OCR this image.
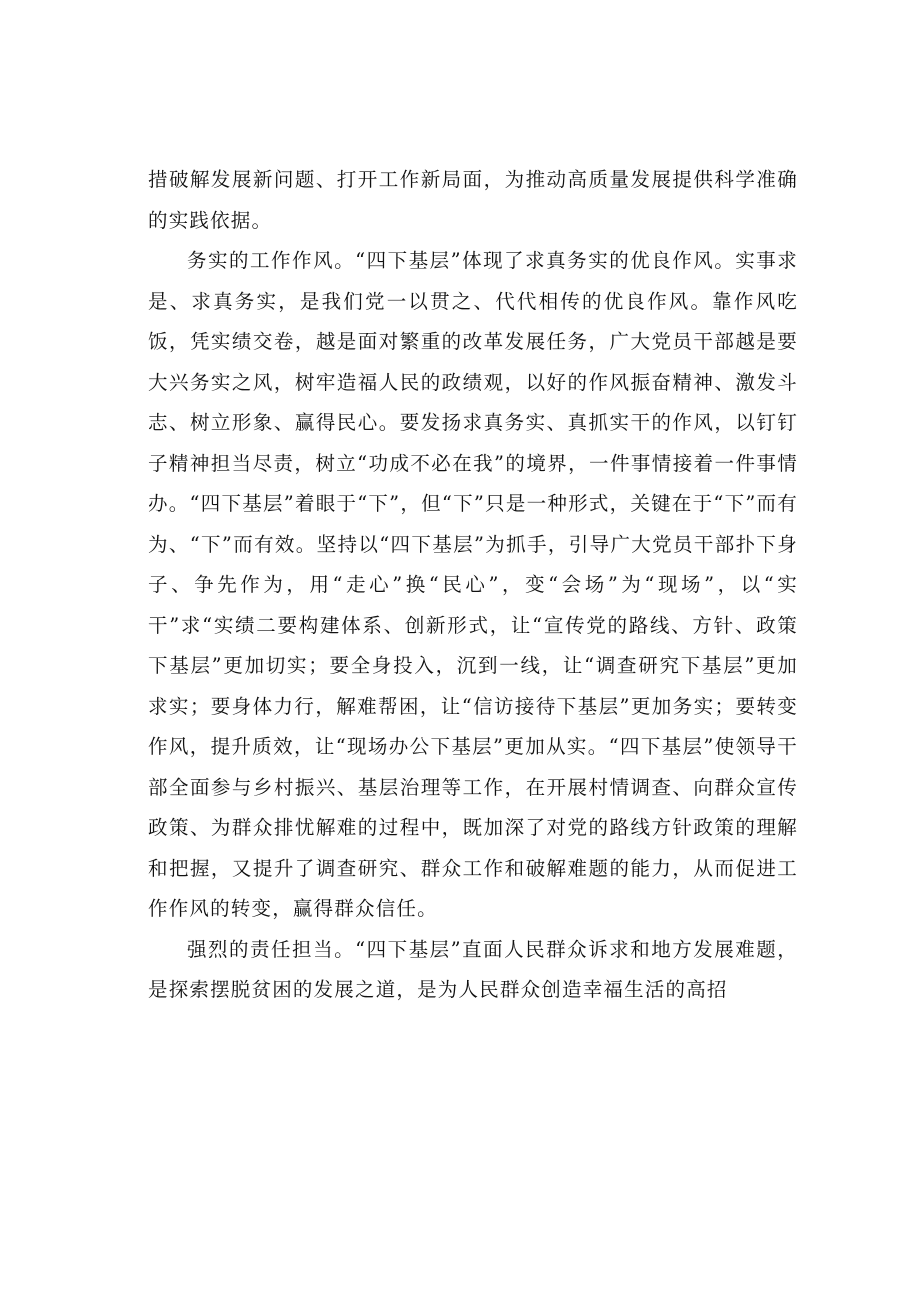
措破解发展新问题、打开工作新局面，为推动高质量发展提供科学准确的实践依据。

务实的工作作风。“四下基层”体现了求真务实的优良作风。实事求是、求真务实，是我们党一以贯之、代代相传的优良作风。靠作风吃饭，凭实绩交卷，越是面对繁重的改革发展任务，广大党员干部越是要大兴务实之风，树牢造福人民的政绩观，以好的作风振奋精神、激发斗志、树立形象、赢得民心。要发扬求真务实、真抓实干的作风，以钉钉子精神担当尽责，树立“功成不必在我”的境界，一件事情接着一件事情办。“四下基层”着眼于“下”，但“下”只是一种形式，关键在于“下”而有为、“下”而有效。坚持以“四下基层”为抓手，引导广大党员干部扑下身子、争先作为，用“走心”换“民心”，变“会场”为“现场”，以“实干”求“实绩二要构建体系、创新形式，让“宣传党的路线、方针、政策下基层”更加切实；要全身投入，沉到一线，让“调查研究下基层”更加求实；要身体力行，解难帮困，让“信访接待下基层”更加务实；要转变作风，提升质效，让“现场办公下基层”更加从实。“四下基层”使领导干部全面参与乡村振兴、基层治理等工作，在开展村情调查、向群众宣传政策、为群众排忧解难的过程中，既加深了对党的路线方针政策的理解和把握，又提升了调查研究、群众工作和破解难题的能力，从而促进工作作风的转变，赢得群众信任。

强烈的责任担当。“四下基层”直面人民群众诉求和地方发展难题，是探索摆脱贫困的发展之道，是为人民群众创造幸福生活的高招
